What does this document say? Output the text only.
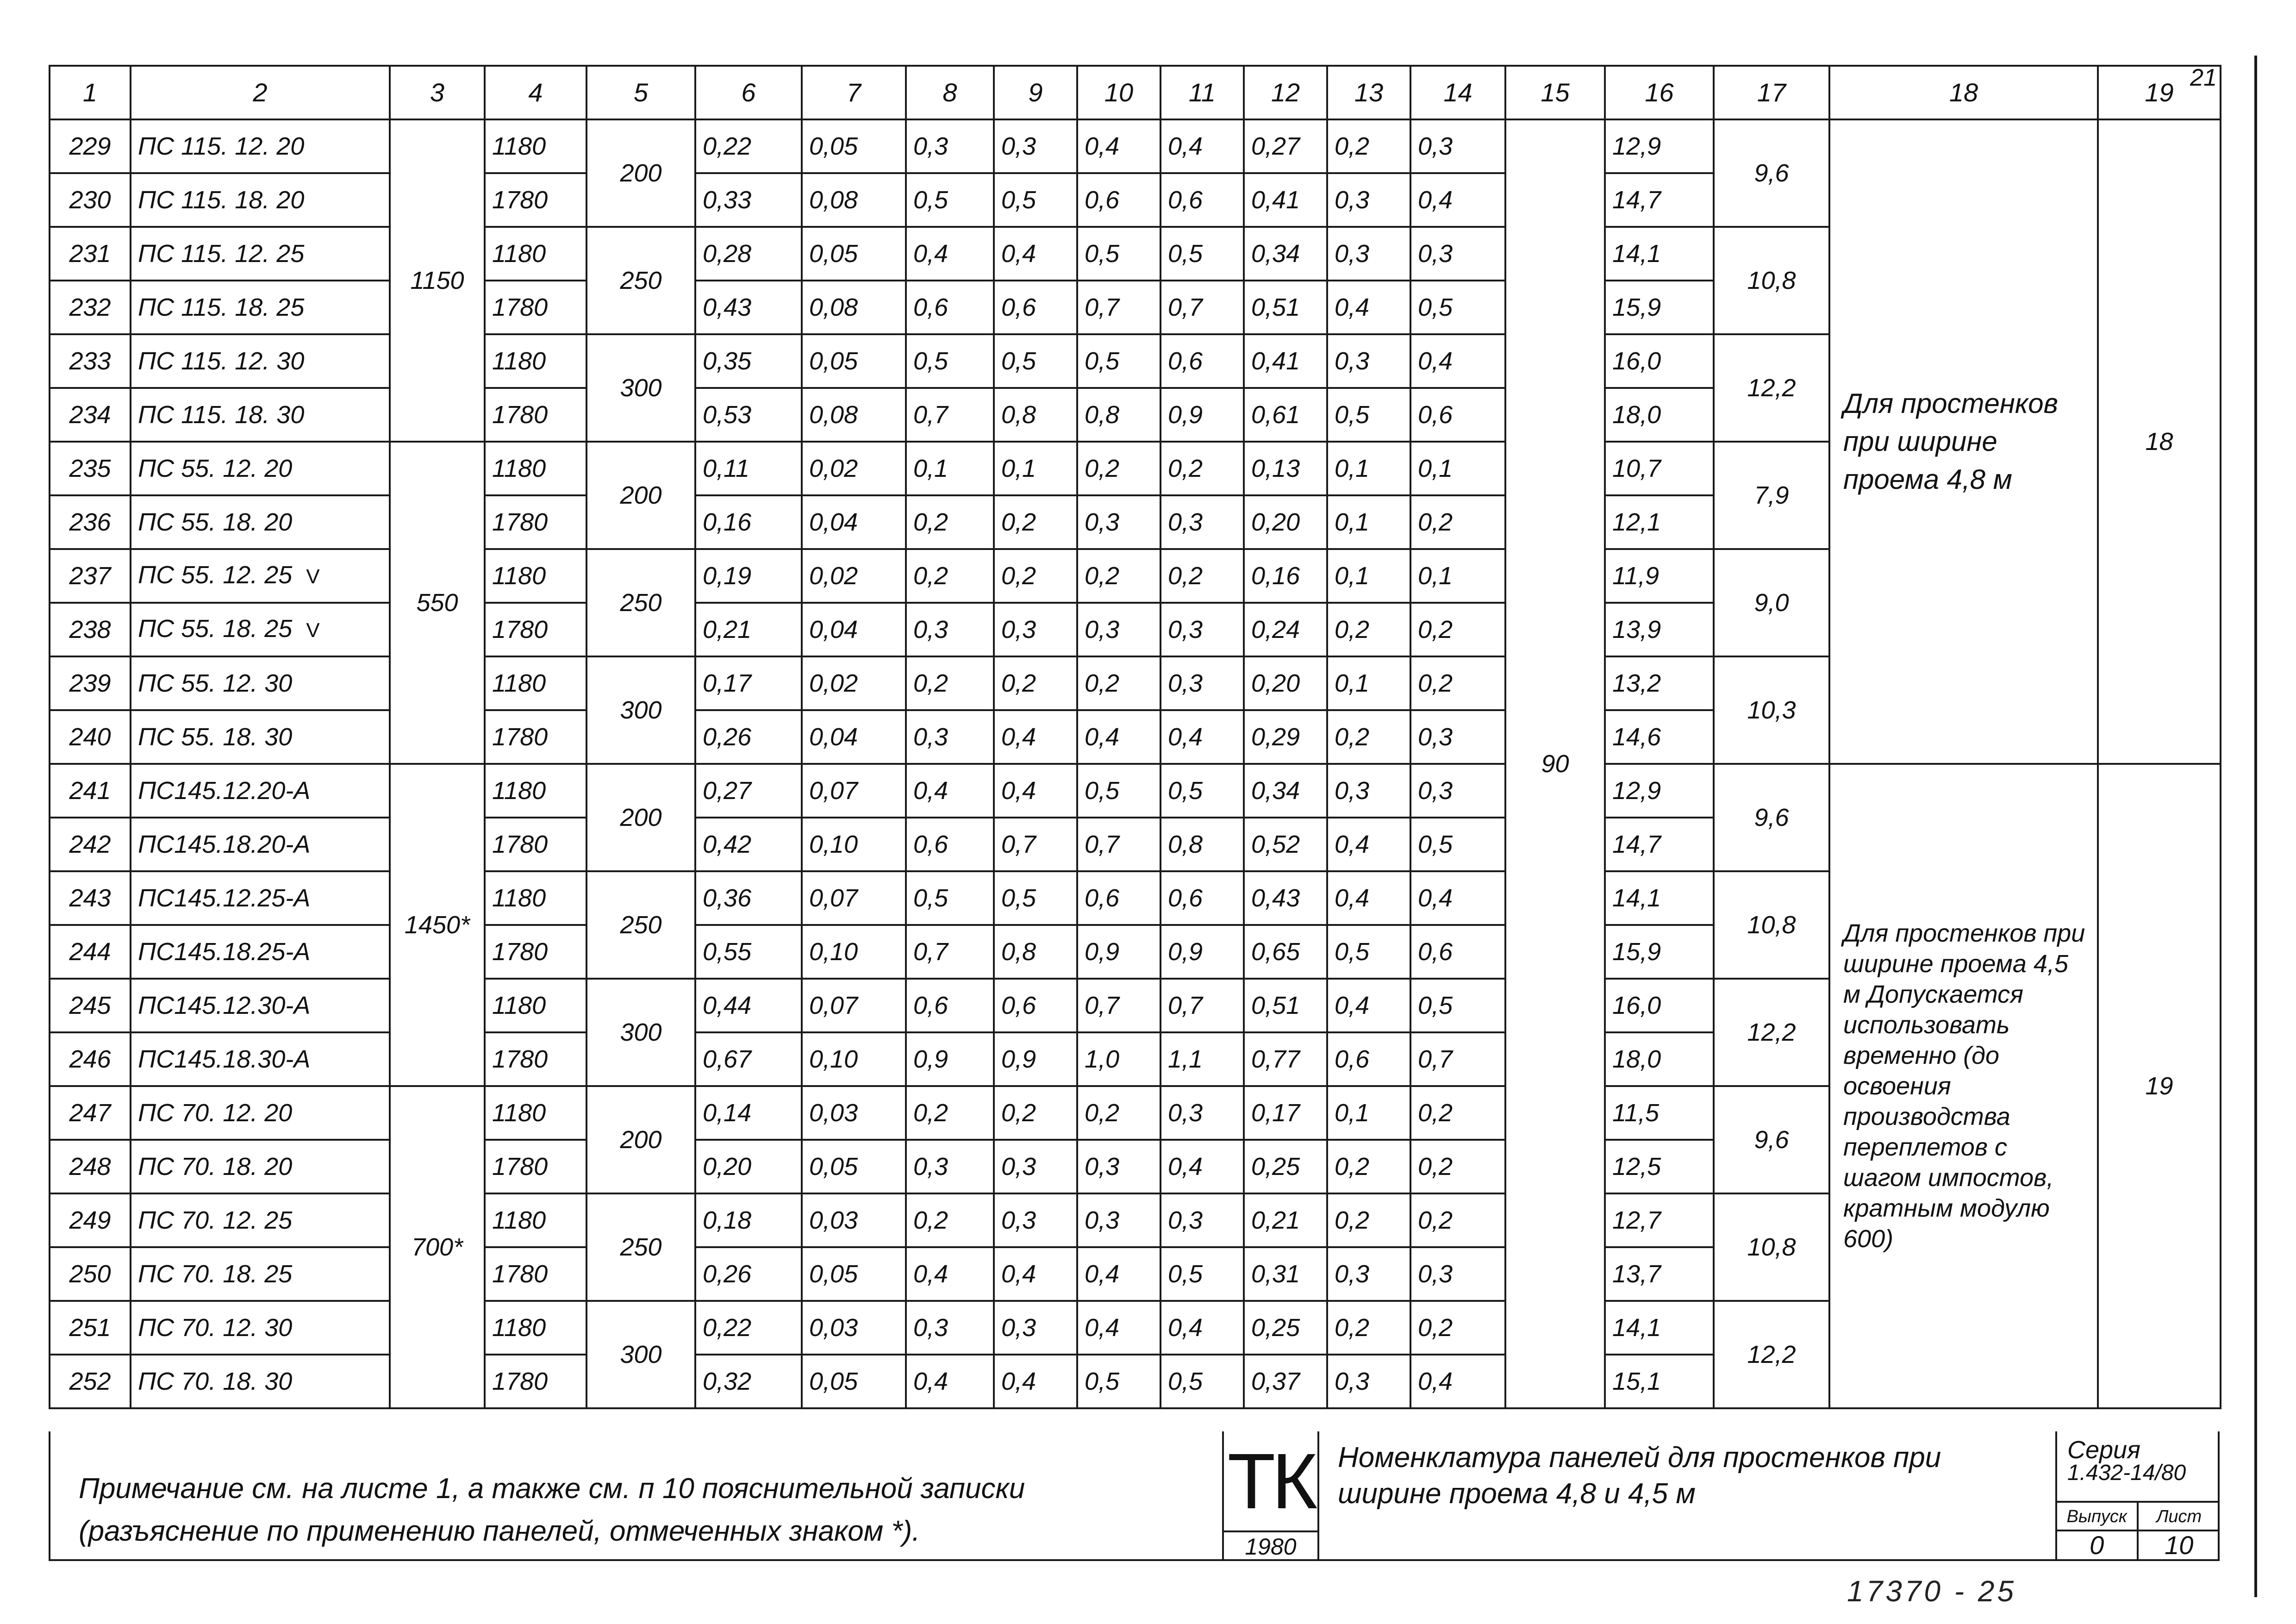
1	2	3	4	5	6	7	8	9	10	11	12	13	14	15	16	17	18	19 21

229	ПС 115. 12. 20	1150	1180	200	0,22	0,05	0,3	0,3	0,4	0,4	0,27	0,2	0,3	90	12,9	9,6	Для простенков при ширине проема 4,8 м	18
230	ПС 115. 18. 20		1780		0,33	0,08	0,5	0,5	0,6	0,6	0,41	0,3	0,4		14,7			
231	ПС 115. 12. 25		1180	250	0,28	0,05	0,4	0,4	0,5	0,5	0,34	0,3	0,3		14,1	10,8		
232	ПС 115. 18. 25		1780		0,43	0,08	0,6	0,6	0,7	0,7	0,51	0,4	0,5		15,9			
233	ПС 115. 12. 30		1180	300	0,35	0,05	0,5	0,5	0,5	0,6	0,41	0,3	0,4		16,0	12,2		
234	ПС 115. 18. 30		1780		0,53	0,08	0,7	0,8	0,8	0,9	0,61	0,5	0,6		18,0			
235	ПС 55. 12. 20	550	1180	200	0,11	0,02	0,1	0,1	0,2	0,2	0,13	0,1	0,1		10,7	7,9		
236	ПС 55. 18. 20		1780		0,16	0,04	0,2	0,2	0,3	0,3	0,20	0,1	0,2		12,1			
237	ПС 55. 12. 25 V		1180	250	0,19	0,02	0,2	0,2	0,2	0,2	0,16	0,1	0,1		11,9	9,0		
238	ПС 55. 18. 25 V		1780		0,21	0,04	0,3	0,3	0,3	0,3	0,24	0,2	0,2		13,9			
239	ПС 55. 12. 30		1180	300	0,17	0,02	0,2	0,2	0,2	0,3	0,20	0,1	0,2		13,2	10,3		
240	ПС 55. 18. 30		1780		0,26	0,04	0,3	0,4	0,4	0,4	0,29	0,2	0,3		14,6			
241	ПС145.12.20-А	1450*	1180	200	0,27	0,07	0,4	0,4	0,5	0,5	0,34	0,3	0,3		12,9	9,6	Для простенков при ширине проема 4,5 м Допускается использовать временно (до освоения производства переплетов с шагом импостов, кратным модулю 600)	19
242	ПС145.18.20-А		1780		0,42	0,10	0,6	0,7	0,7	0,8	0,52	0,4	0,5		14,7			
243	ПС145.12.25-А		1180	250	0,36	0,07	0,5	0,5	0,6	0,6	0,43	0,4	0,4		14,1	10,8		
244	ПС145.18.25-А		1780		0,55	0,10	0,7	0,8	0,9	0,9	0,65	0,5	0,6		15,9			
245	ПС145.12.30-А		1180	300	0,44	0,07	0,6	0,6	0,7	0,7	0,51	0,4	0,5		16,0	12,2		
246	ПС145.18.30-А		1780		0,67	0,10	0,9	0,9	1,0	1,1	0,77	0,6	0,7		18,0			
247	ПС 70. 12. 20	700*	1180	200	0,14	0,03	0,2	0,2	0,2	0,3	0,17	0,1	0,2		11,5	9,6		
248	ПС 70. 18. 20		1780		0,20	0,05	0,3	0,3	0,3	0,4	0,25	0,2	0,2		12,5			
249	ПС 70. 12. 25		1180	250	0,18	0,03	0,2	0,3	0,3	0,3	0,21	0,2	0,2		12,7	10,8		
250	ПС 70. 18. 25		1780		0,26	0,05	0,4	0,4	0,4	0,5	0,31	0,3	0,3		13,7			
251	ПС 70. 12. 30		1180	300	0,22	0,03	0,3	0,3	0,4	0,4	0,25	0,2	0,2		14,1	12,2		
252	ПС 70. 18. 30		1780		0,32	0,05	0,4	0,4	0,5	0,5	0,37	0,3	0,4		15,1			
Примечание см. на листе 1, а также см. п 10 пояснительной записки (разъяснение по применению панелей, отмеченных знаком *).
ТК
1980
Номенклатура панелей для простенков при ширине проема 4,8 и 4,5 м
Серия
1.432-14/80
Выпуск
0
Лист
10
17370 - 25
